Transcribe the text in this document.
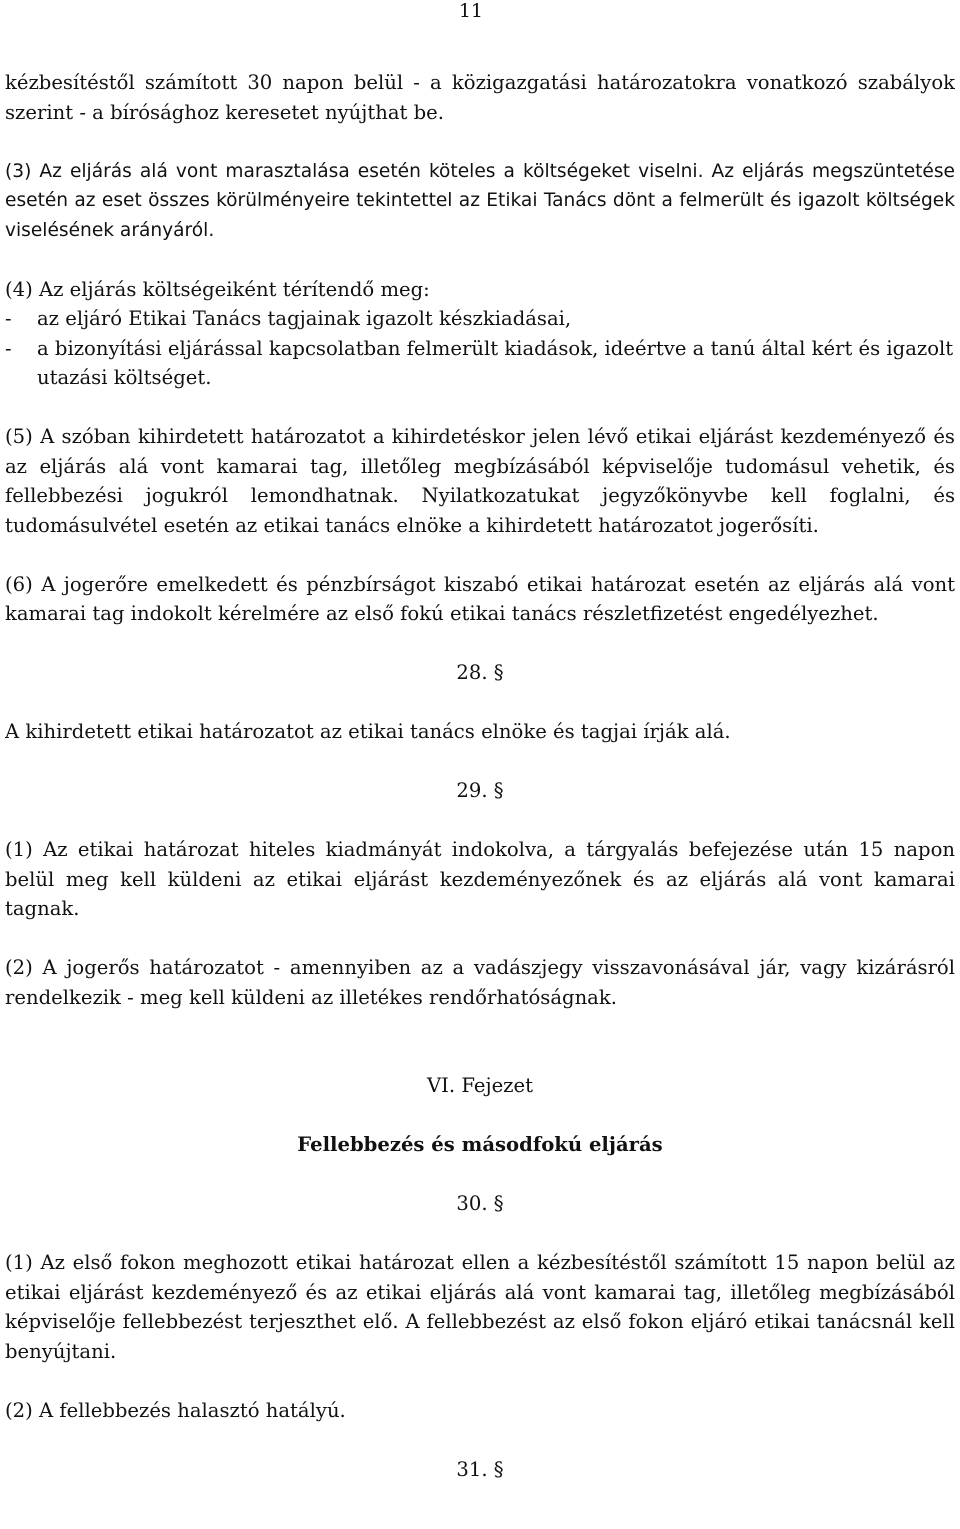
11

kézbesítéstől számított 30 napon belül - a közigazgatási határozatokra vonatkozó szabályok szerint - a bírósághoz keresetet nyújthat be.

(3) Az eljárás alá vont marasztalása esetén köteles a költségeket viselni. Az eljárás megszüntetése esetén az eset összes körülményeire tekintettel az Etikai Tanács dönt a felmerült és igazolt költségek viselésének arányáról.

(4) Az eljárás költségeiként térítendő meg:

- az eljáró Etikai Tanács tagjainak igazolt készkiadásai,
- a bizonyítási eljárással kapcsolatban felmerült kiadások, ideértve a tanú által kért és igazolt utazási költséget.

(5) A szóban kihirdetett határozatot a kihirdetéskor jelen lévő etikai eljárást kezdeményező és az eljárás alá vont kamarai tag, illetőleg megbízásából képviselője tudomásul vehetik, és fellebbezési jogukról lemondhatnak. Nyilatkozatukat jegyzőkönyvbe kell foglalni, és tudomásulvétel esetén az etikai tanács elnöke a kihirdetett határozatot jogerősíti.

(6) A jogerőre emelkedett és pénzbírságot kiszabó etikai határozat esetén az eljárás alá vont kamarai tag indokolt kérelmére az első fokú etikai tanács részletfizetést engedélyezhet.

28. §

A kihirdetett etikai határozatot az etikai tanács elnöke és tagjai írják alá.

29. §

(1) Az etikai határozat hiteles kiadmányát indokolva, a tárgyalás befejezése után 15 napon belül meg kell küldeni az etikai eljárást kezdeményezőnek és az eljárás alá vont kamarai tagnak.

(2) A jogerős határozatot - amennyiben az a vadászjegy visszavonásával jár, vagy kizárásról rendelkezik - meg kell küldeni az illetékes rendőrhatóságnak.

VI. Fejezet

Fellebbezés és másodfokú eljárás

30. §

(1) Az első fokon meghozott etikai határozat ellen a kézbesítéstől számított 15 napon belül az etikai eljárást kezdeményező és az etikai eljárás alá vont kamarai tag, illetőleg megbízásából képviselője fellebbezést terjeszthet elő. A fellebbezést az első fokon eljáró etikai tanácsnál kell benyújtani.

(2) A fellebbezés halasztó hatályú.

31. §
